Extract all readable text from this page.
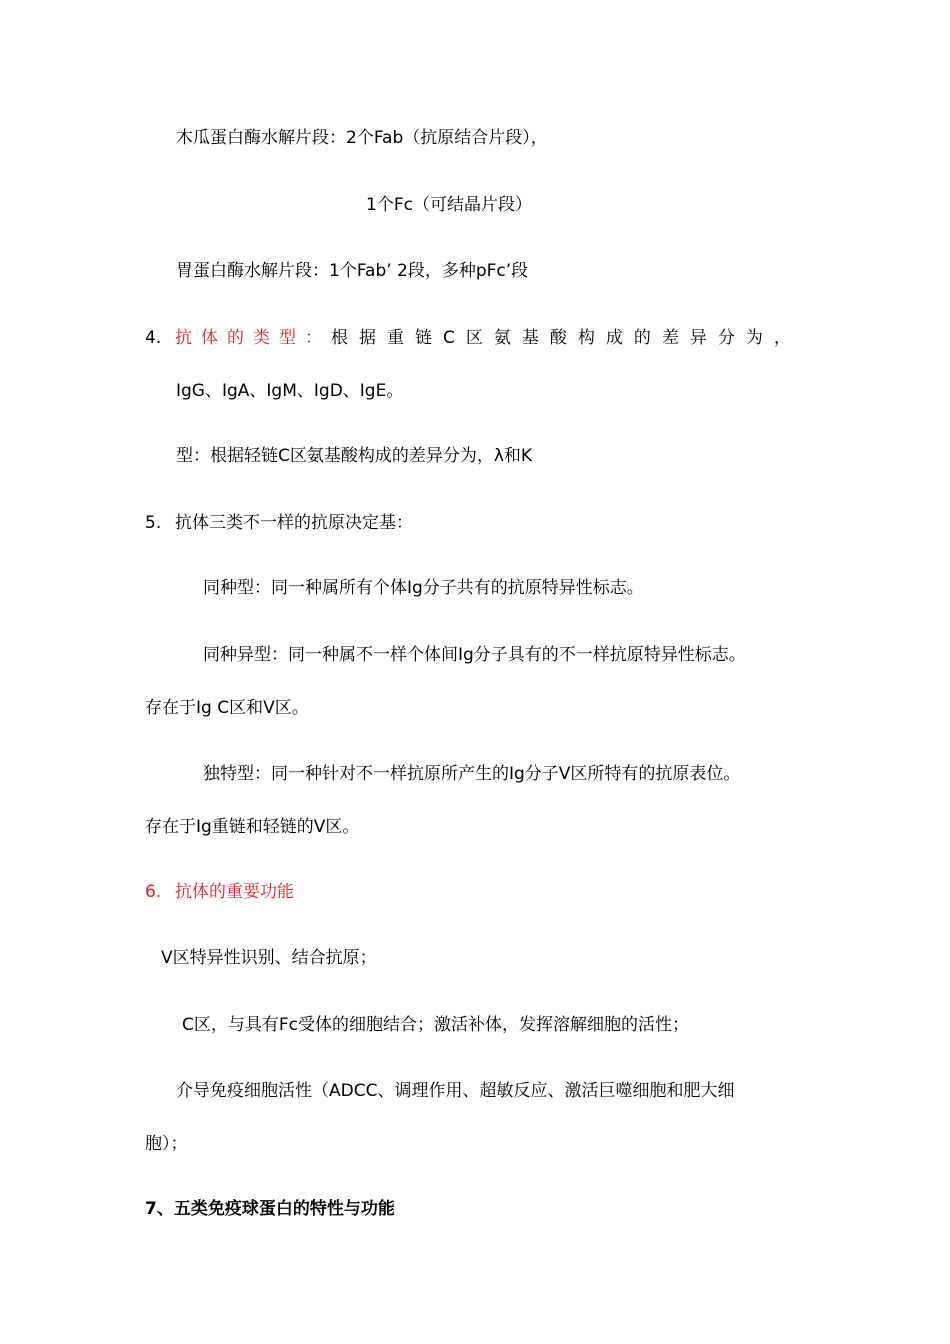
木瓜蛋白酶水解片段：2个Fab（抗原结合片段），
1个Fc（可结晶片段）
胃蛋白酶水解片段：1个Fab’ 2段，多种pFc’段
4. 抗体的类型：根据重链C区氨基酸构成的差异分为，
IgG、IgA、IgM、IgD、IgE。
型：根据轻链C区氨基酸构成的差异分为，λ和K
5. 抗体三类不一样的抗原决定基：
同种型：同一种属所有个体Ig分子共有的抗原特异性标志。
同种异型：同一种属不一样个体间Ig分子具有的不一样抗原特异性标志。
存在于Ig C区和V区。
独特型：同一种针对不一样抗原所产生的Ig分子V区所特有的抗原表位。
存在于Ig重链和轻链的V区。
6. 抗体的重要功能
V区特异性识别、结合抗原；
C区，与具有Fc受体的细胞结合；激活补体，发挥溶解细胞的活性；
介导免疫细胞活性（ADCC、调理作用、超敏反应、激活巨噬细胞和肥大细
胞）；
7、五类免疫球蛋白的特性与功能
